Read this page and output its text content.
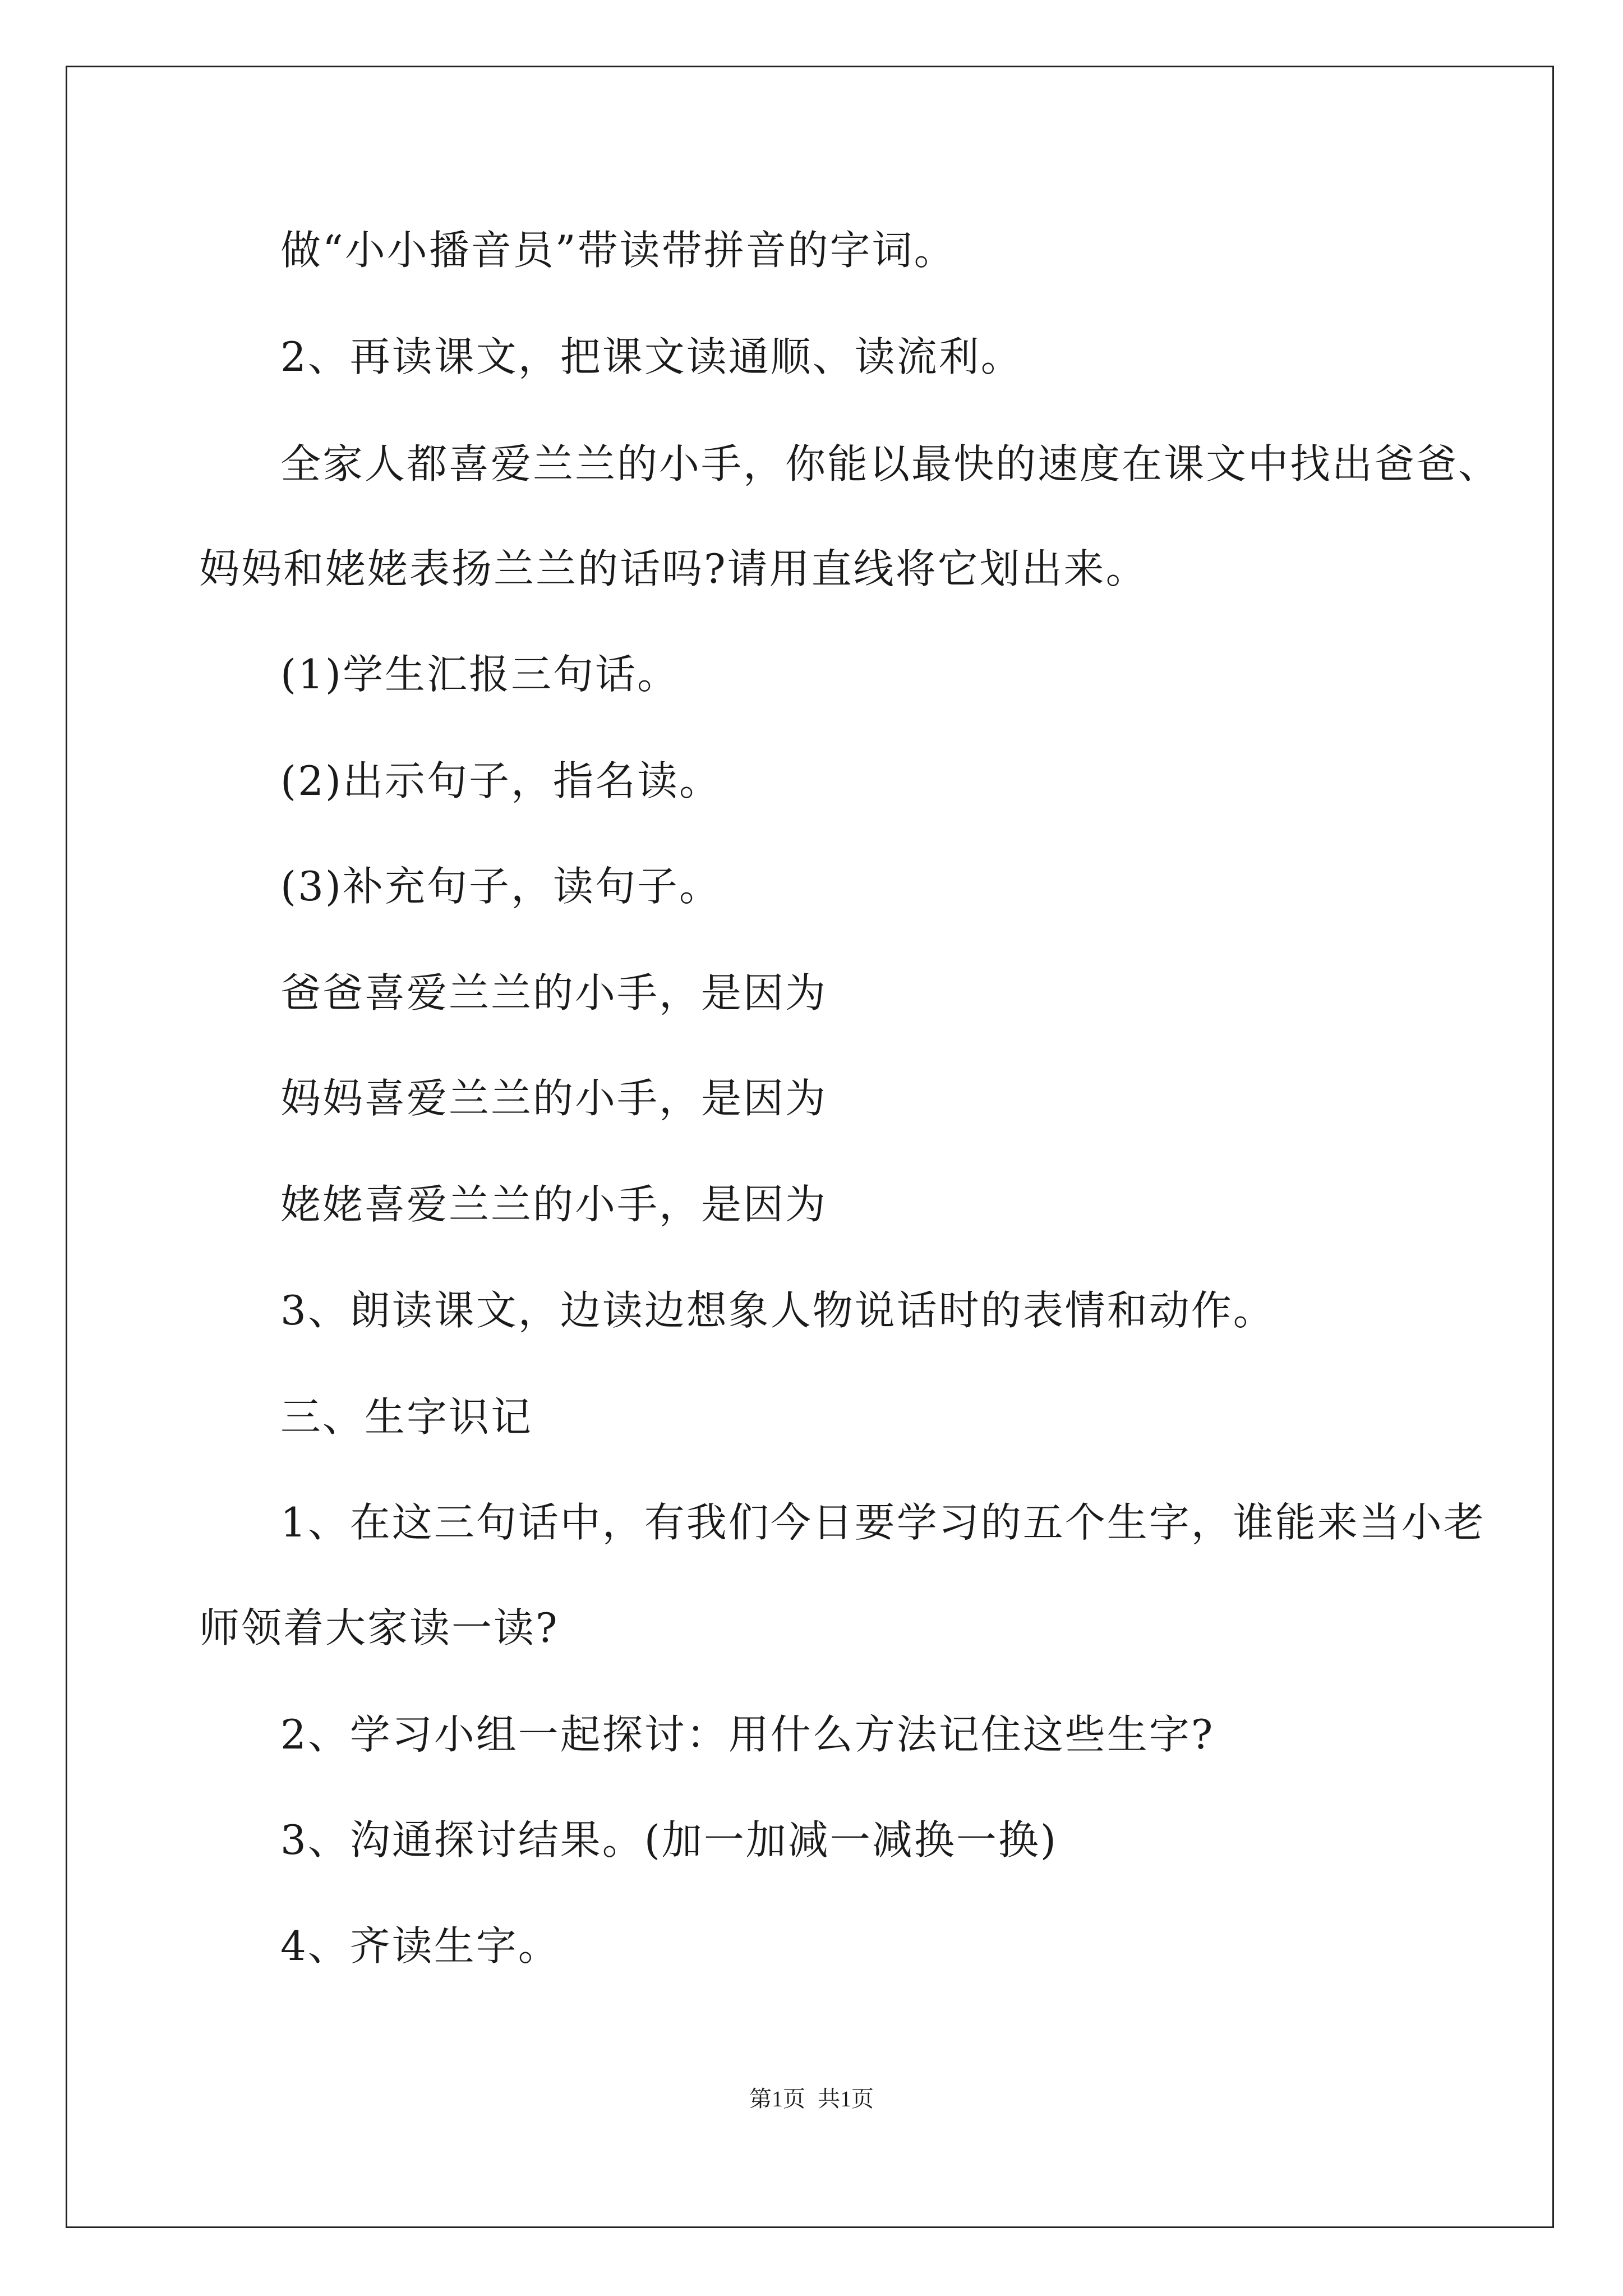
做“小小播音员”带读带拼音的字词。

2、再读课文，把课文读通顺、读流利。

全家人都喜爱兰兰的小手，你能以最快的速度在课文中找出爸爸、

妈妈和姥姥表扬兰兰的话吗?请用直线将它划出来。

(1)学生汇报三句话。

(2)出示句子，指名读。

(3)补充句子，读句子。

爸爸喜爱兰兰的小手，是因为

妈妈喜爱兰兰的小手，是因为

姥姥喜爱兰兰的小手，是因为

3、朗读课文，边读边想象人物说话时的表情和动作。

三、生字识记

1、在这三句话中，有我们今日要学习的五个生字，谁能来当小老

师领着大家读一读?

2、学习小组一起探讨：用什么方法记住这些生字?

3、沟通探讨结果。(加一加减一减换一换)

4、齐读生字。

第1页 共1页
